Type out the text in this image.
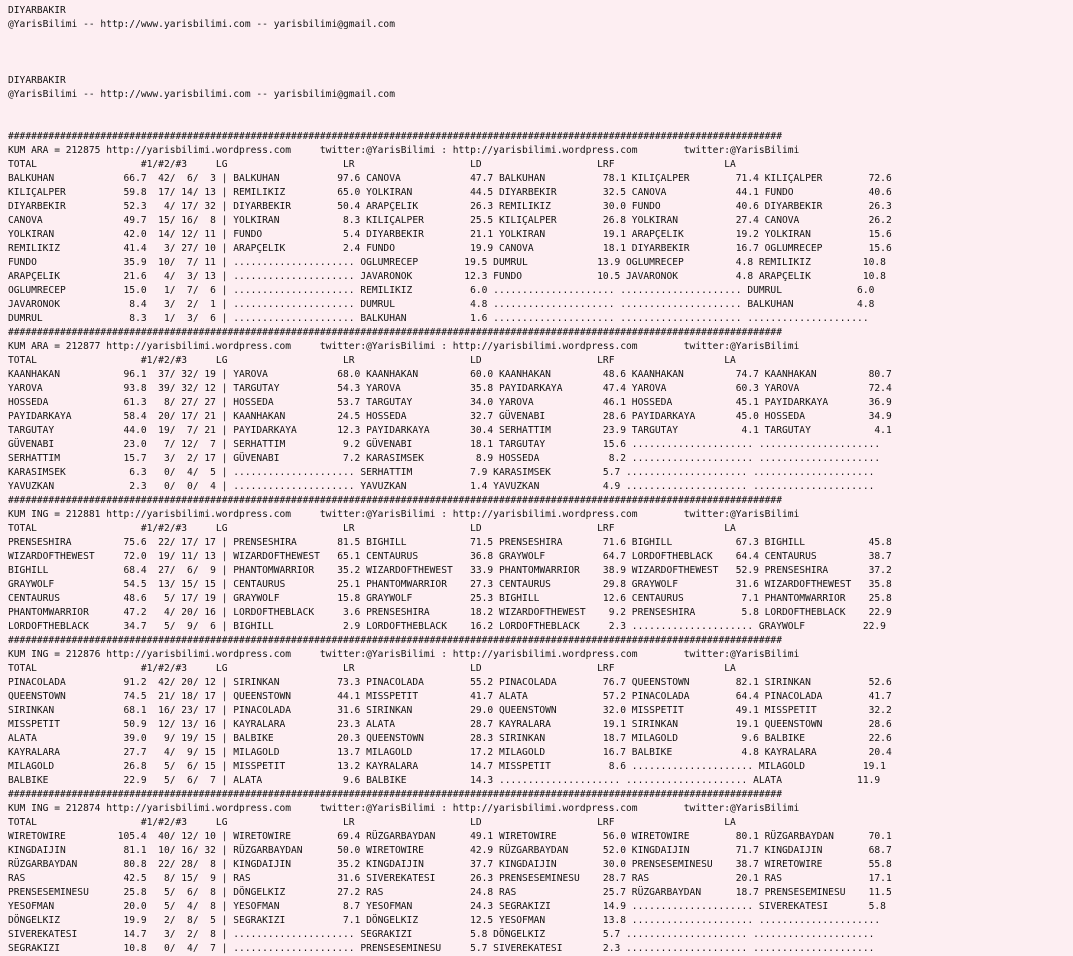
DIYARBAKIR
@YarisBilimi -- http://www.yarisbilimi.com -- yarisbilimi@gmail.com

DIYARBAKIR
@YarisBilimi -- http://www.yarisbilimi.com -- yarisbilimi@gmail.com

######################################################################################################################################
KUM ARA = 212875 http://yarisbilimi.wordpress.com     twitter:@YarisBilimi : http://yarisbilimi.wordpress.com        twitter:@YarisBilimi
TOTAL                  #1/#2/#3     LG                    LR                    LD                    LRF                   LA
BALKUHAN            66.7  42/  6/  3 | BALKUHAN          97.6 CANOVA            47.7 BALKUHAN          78.1 KILIÇALPER        71.4 KILIÇALPER        72.6
KILIÇALPER          59.8  17/ 14/ 13 | REMILIKIZ         65.0 YOLKIRAN          44.5 DIYARBEKIR        32.5 CANOVA            44.1 FUNDO             40.6
DIYARBEKIR          52.3   4/ 17/ 32 | DIYARBEKIR        50.4 ARAPÇELIK         26.3 REMILIKIZ         30.0 FUNDO             40.6 DIYARBEKIR        26.3
CANOVA              49.7  15/ 16/  8 | YOLKIRAN           8.3 KILIÇALPER        25.5 KILIÇALPER        26.8 YOLKIRAN          27.4 CANOVA            26.2
YOLKIRAN            42.0  14/ 12/ 11 | FUNDO              5.4 DIYARBEKIR        21.1 YOLKIRAN          19.1 ARAPÇELIK         19.2 YOLKIRAN          15.6
REMILIKIZ           41.4   3/ 27/ 10 | ARAPÇELIK          2.4 FUNDO             19.9 CANOVA            18.1 DIYARBEKIR        16.7 OGLUMRECEP        15.6
FUNDO               35.9  10/  7/ 11 | ..................... OGLUMRECEP        19.5 DUMRUL            13.9 OGLUMRECEP         4.8 REMILIKIZ         10.8
ARAPÇELIK           21.6   4/  3/ 13 | ..................... JAVARONOK         12.3 FUNDO             10.5 JAVARONOK          4.8 ARAPÇELIK         10.8
OGLUMRECEP          15.0   1/  7/  6 | ..................... REMILIKIZ          6.0 ..................... ..................... DUMRUL             6.0
JAVARONOK            8.4   3/  2/  1 | ..................... DUMRUL             4.8 ..................... ..................... BALKUHAN           4.8
DUMRUL               8.3   1/  3/  6 | ..................... BALKUHAN           1.6 ..................... ..................... .....................
######################################################################################################################################
KUM ARA = 212877 http://yarisbilimi.wordpress.com     twitter:@YarisBilimi : http://yarisbilimi.wordpress.com        twitter:@YarisBilimi
TOTAL                  #1/#2/#3     LG                    LR                    LD                    LRF                   LA
KAANHAKAN           96.1  37/ 32/ 19 | YAROVA            68.0 KAANHAKAN         60.0 KAANHAKAN         48.6 KAANHAKAN         74.7 KAANHAKAN         80.7
YAROVA              93.8  39/ 32/ 12 | TARGUTAY          54.3 YAROVA            35.8 PAYIDARKAYA       47.4 YAROVA            60.3 YAROVA            72.4
HOSSEDA             61.3   8/ 27/ 27 | HOSSEDA           53.7 TARGUTAY          34.0 YAROVA            46.1 HOSSEDA           45.1 PAYIDARKAYA       36.9
PAYIDARKAYA         58.4  20/ 17/ 21 | KAANHAKAN         24.5 HOSSEDA           32.7 GÜVENABI          28.6 PAYIDARKAYA       45.0 HOSSEDA           34.9
TARGUTAY            44.0  19/  7/ 21 | PAYIDARKAYA       12.3 PAYIDARKAYA       30.4 SERHATTIM         23.9 TARGUTAY           4.1 TARGUTAY           4.1
GÜVENABI            23.0   7/ 12/  7 | SERHATTIM          9.2 GÜVENABI          18.1 TARGUTAY          15.6 ..................... .....................
SERHATTIM           15.7   3/  2/ 17 | GÜVENABI           7.2 KARASIMSEK         8.9 HOSSEDA            8.2 ..................... .....................
KARASIMSEK           6.3   0/  4/  5 | ..................... SERHATTIM          7.9 KARASIMSEK         5.7 ..................... .....................
YAVUZKAN             2.3   0/  0/  4 | ..................... YAVUZKAN           1.4 YAVUZKAN           4.9 ..................... .....................
######################################################################################################################################
KUM ING = 212881 http://yarisbilimi.wordpress.com     twitter:@YarisBilimi : http://yarisbilimi.wordpress.com        twitter:@YarisBilimi
TOTAL                  #1/#2/#3     LG                    LR                    LD                    LRF                   LA
PRENSESHIRA         75.6  22/ 17/ 17 | PRENSESHIRA       81.5 BIGHILL           71.5 PRENSESHIRA       71.6 BIGHILL           67.3 BIGHILL           45.8
WIZARDOFTHEWEST     72.0  19/ 11/ 13 | WIZARDOFTHEWEST   65.1 CENTAURUS         36.8 GRAYWOLF          64.7 LORDOFTHEBLACK    64.4 CENTAURUS         38.7
BIGHILL             68.4  27/  6/  9 | PHANTOMWARRIOR    35.2 WIZARDOFTHEWEST   33.9 PHANTOMWARRIOR    38.9 WIZARDOFTHEWEST   52.9 PRENSESHIRA       37.2
GRAYWOLF            54.5  13/ 15/ 15 | CENTAURUS         25.1 PHANTOMWARRIOR    27.3 CENTAURUS         29.8 GRAYWOLF          31.6 WIZARDOFTHEWEST   35.8
CENTAURUS           48.6   5/ 17/ 19 | GRAYWOLF          15.8 GRAYWOLF          25.3 BIGHILL           12.6 CENTAURUS          7.1 PHANTOMWARRIOR    25.8
PHANTOMWARRIOR      47.2   4/ 20/ 16 | LORDOFTHEBLACK     3.6 PRENSESHIRA       18.2 WIZARDOFTHEWEST    9.2 PRENSESHIRA        5.8 LORDOFTHEBLACK    22.9
LORDOFTHEBLACK      34.7   5/  9/  6 | BIGHILL            2.9 LORDOFTHEBLACK    16.2 LORDOFTHEBLACK     2.3 ..................... GRAYWOLF          22.9
######################################################################################################################################
KUM ING = 212876 http://yarisbilimi.wordpress.com     twitter:@YarisBilimi : http://yarisbilimi.wordpress.com        twitter:@YarisBilimi
TOTAL                  #1/#2/#3     LG                    LR                    LD                    LRF                   LA
PINACOLADA          91.2  42/ 20/ 12 | SIRINKAN          73.3 PINACOLADA        55.2 PINACOLADA        76.7 QUEENSTOWN        82.1 SIRINKAN          52.6
QUEENSTOWN          74.5  21/ 18/ 17 | QUEENSTOWN        44.1 MISSPETIT         41.7 ALATA             57.2 PINACOLADA        64.4 PINACOLADA        41.7
SIRINKAN            68.1  16/ 23/ 17 | PINACOLADA        31.6 SIRINKAN          29.0 QUEENSTOWN        32.0 MISSPETIT         49.1 MISSPETIT         32.2
MISSPETIT           50.9  12/ 13/ 16 | KAYRALARA         23.3 ALATA             28.7 KAYRALARA         19.1 SIRINKAN          19.1 QUEENSTOWN        28.6
ALATA               39.0   9/ 19/ 15 | BALBIKE           20.3 QUEENSTOWN        28.3 SIRINKAN          18.7 MILAGOLD           9.6 BALBIKE           22.6
KAYRALARA           27.7   4/  9/ 15 | MILAGOLD          13.7 MILAGOLD          17.2 MILAGOLD          16.7 BALBIKE            4.8 KAYRALARA         20.4
MILAGOLD            26.8   5/  6/ 15 | MISSPETIT         13.2 KAYRALARA         14.7 MISSPETIT          8.6 ..................... MILAGOLD          19.1
BALBIKE             22.9   5/  6/  7 | ALATA              9.6 BALBIKE           14.3 ..................... ..................... ALATA             11.9
######################################################################################################################################
KUM ING = 212874 http://yarisbilimi.wordpress.com     twitter:@YarisBilimi : http://yarisbilimi.wordpress.com        twitter:@YarisBilimi
TOTAL                  #1/#2/#3     LG                    LR                    LD                    LRF                   LA
WIRETOWIRE         105.4  40/ 12/ 10 | WIRETOWIRE        69.4 RÜZGARBAYDAN      49.1 WIRETOWIRE        56.0 WIRETOWIRE        80.1 RÜZGARBAYDAN      70.1
KINGDAIJIN          81.1  10/ 16/ 32 | RÜZGARBAYDAN      50.0 WIRETOWIRE        42.9 RÜZGARBAYDAN      52.0 KINGDAIJIN        71.7 KINGDAIJIN        68.7
RÜZGARBAYDAN        80.8  22/ 28/  8 | KINGDAIJIN        35.2 KINGDAIJIN        37.7 KINGDAIJIN        30.0 PRENSESEMINESU    38.7 WIRETOWIRE        55.8
RAS                 42.5   8/ 15/  9 | RAS               31.6 SIVEREKATESI      26.3 PRENSESEMINESU    28.7 RAS               20.1 RAS               17.1
PRENSESEMINESU      25.8   5/  6/  8 | DÖNGELKIZ         27.2 RAS               24.8 RAS               25.7 RÜZGARBAYDAN      18.7 PRENSESEMINESU    11.5
YESOFMAN            20.0   5/  4/  8 | YESOFMAN           8.7 YESOFMAN          24.3 SEGRAKIZI         14.9 ..................... SIVEREKATESI       5.8
DÖNGELKIZ           19.9   2/  8/  5 | SEGRAKIZI          7.1 DÖNGELKIZ         12.5 YESOFMAN          13.8 ..................... .....................
SIVEREKATESI        14.7   3/  2/  8 | ..................... SEGRAKIZI          5.8 DÖNGELKIZ          5.7 ..................... .....................
SEGRAKIZI           10.8   0/  4/  7 | ..................... PRENSESEMINESU     5.7 SIVEREKATESI       2.3 ..................... .....................
